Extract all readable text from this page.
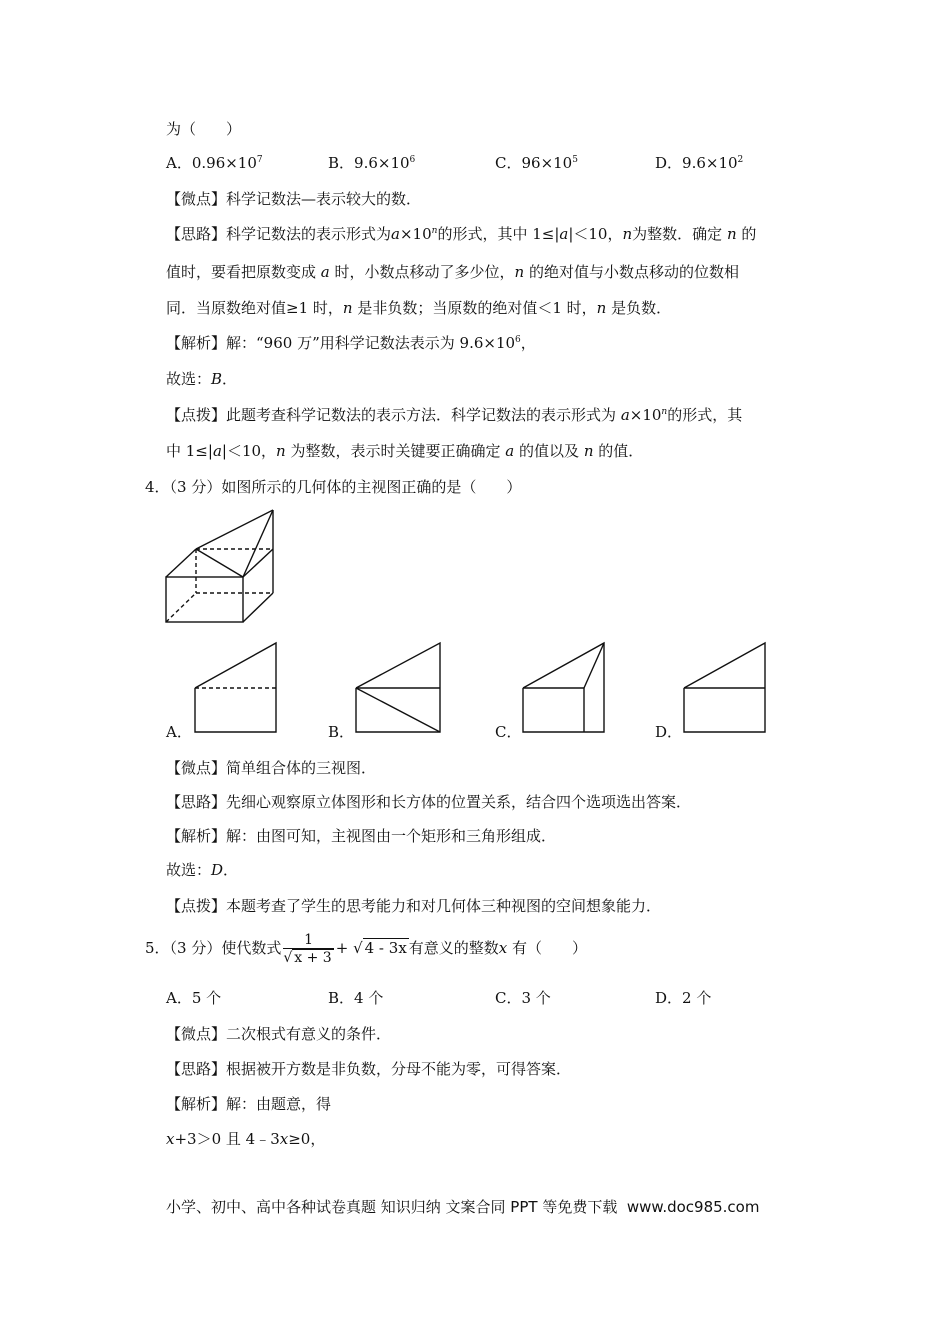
为（　　）
A．$0.96\times 10^7$	B．$9.6\times 10^6$	C．$96\times 10^5$	D．$9.6\times 10^2$
【微点】科学记数法—表示较大的数．
【思路】科学记数法的表示形式为$a\times 10^n$的形式，其中 1≤|a|＜10，n为整数．确定 n 的
值时，要看把原数变成 a 时，小数点移动了多少位，n 的绝对值与小数点移动的位数相
同．当原数绝对值≥1 时，n 是非负数；当原数的绝对值＜1 时，n 是负数．
【解析】解：“960 万”用科学记数法表示为 $9.6\times 10^6$，
故选：B．
【点拨】此题考查科学记数法的表示方法．科学记数法的表示形式为 $a\times 10^n$的形式，其
中 1≤|a|＜10，n 为整数，表示时关键要正确确定 a 的值以及 n 的值．
4．（3 分）如图所示的几何体的主视图正确的是（　　）
A．	B．	C．	D．
【微点】简单组合体的三视图．
【思路】先细心观察原立体图形和长方体的位置关系，结合四个选项选出答案．
【解析】解：由图可知，主视图由一个矩形和三角形组成．
故选：D．
【点拨】本题考查了学生的思考能力和对几何体三种视图的空间想象能力．
5．（3 分）使代数式 $\frac{1}{√ x + 3}$ + √ 4 ‐ 3x 有意义的整数x 有（　　）
A．5 个	B．4 个	C．3 个	D．2 个
【微点】二次根式有意义的条件．
【思路】根据被开方数是非负数，分母不能为零，可得答案．
【解析】解：由题意，得
x+3＞0 且 4﹣3x≥0，
小学、初中、高中各种试卷真题 知识归纳 文案合同 PPT 等免费下载 www.doc985.com
